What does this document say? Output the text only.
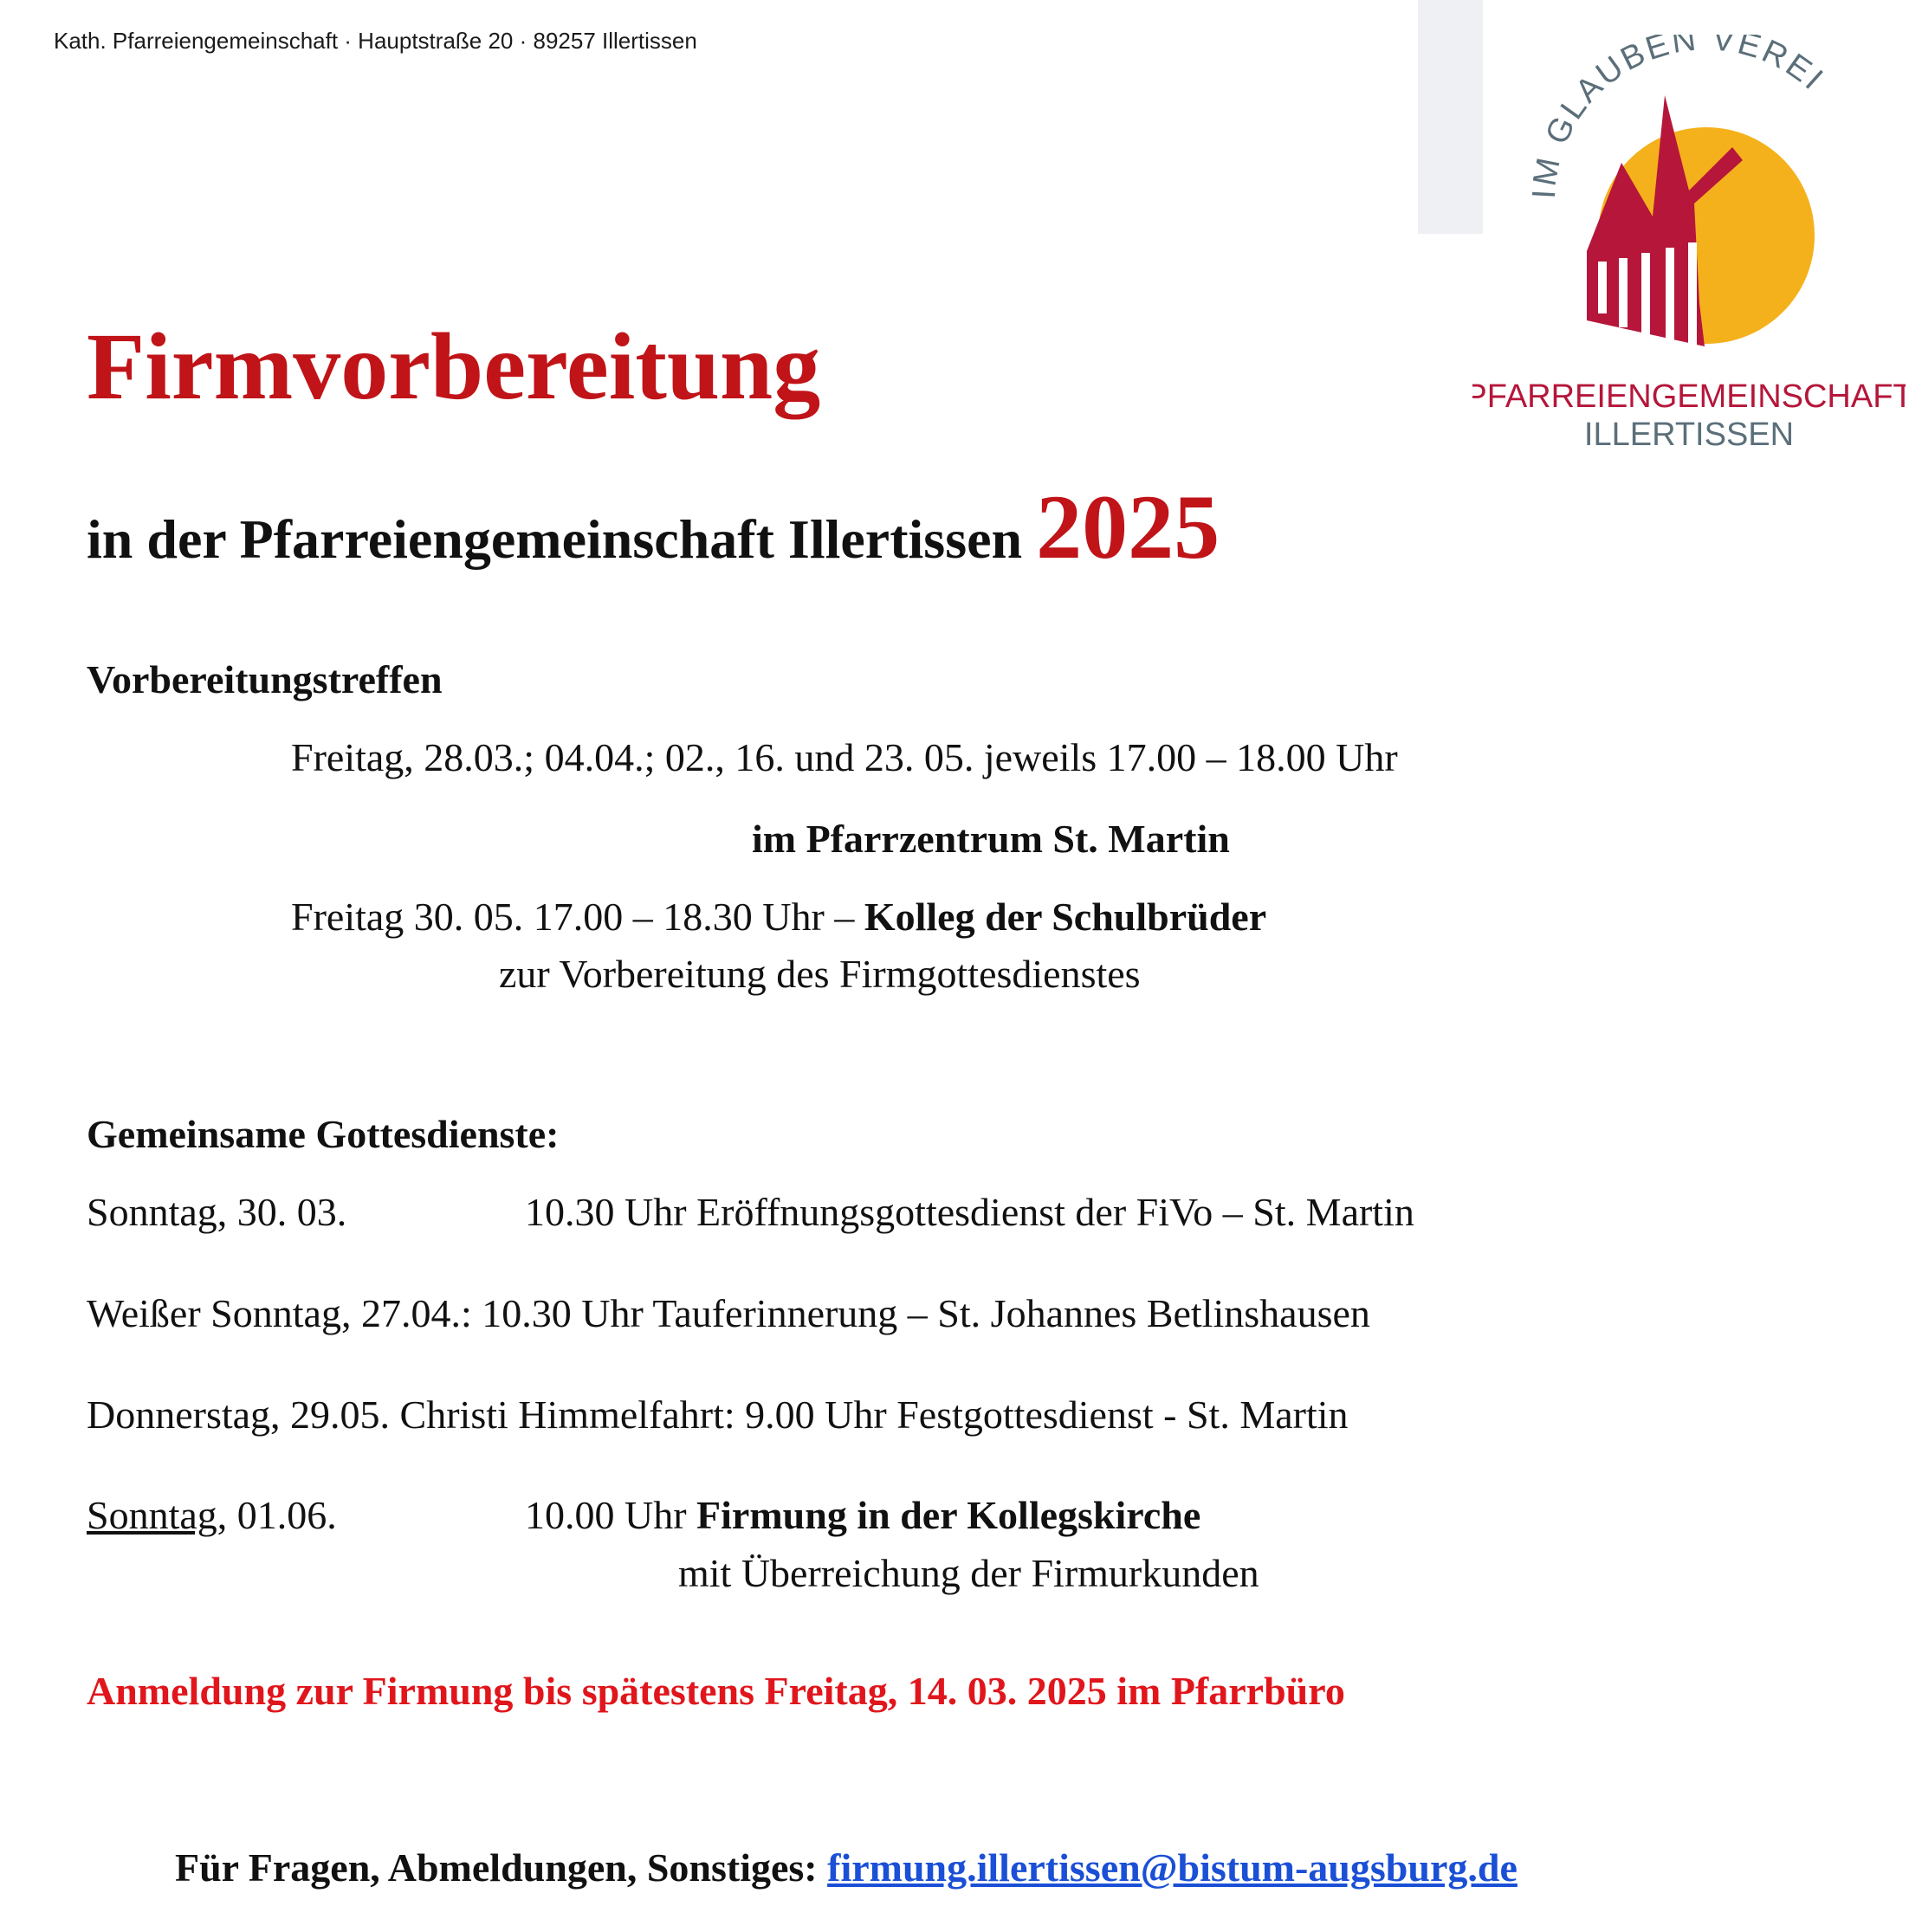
Kath. Pfarreiengemeinschaft · Hauptstraße 20 · 89257 Illertissen
IM GLAUBEN VEREI
PFARREIENGEMEINSCHAFT
ILLERTISSEN
Firmvorbereitung
in der Pfarreiengemeinschaft Illertissen 2025
Vorbereitungstreffen
Freitag, 28.03.; 04.04.; 02., 16. und 23. 05. jeweils 17.00 – 18.00 Uhr
im Pfarrzentrum St. Martin
Freitag 30. 05. 17.00 – 18.30 Uhr – Kolleg der Schulbrüder
zur Vorbereitung des Firmgottesdienstes
Gemeinsame Gottesdienste:
Sonntag, 30. 03.	10.30 Uhr Eröffnungsgottesdienst der FiVo – St. Martin
Weißer Sonntag, 27.04.: 10.30 Uhr Tauferinnerung – St. Johannes Betlinshausen
Donnerstag, 29.05. Christi Himmelfahrt: 9.00 Uhr Festgottesdienst - St. Martin
Sonntag, 01.06.	10.00 Uhr Firmung in der Kollegskirche
mit Überreichung der Firmurkunden
Anmeldung zur Firmung bis spätestens Freitag, 14. 03. 2025 im Pfarrbüro
Für Fragen, Abmeldungen, Sonstiges: firmung.illertissen@bistum-augsburg.de
